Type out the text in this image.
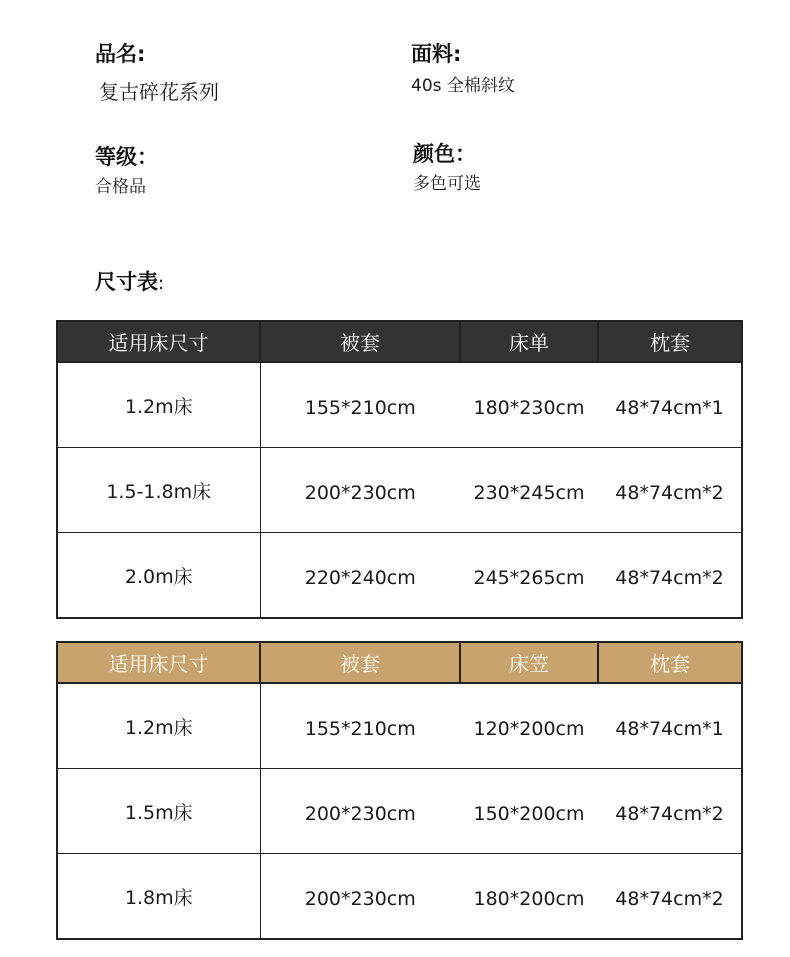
品名:
复古碎花系列
面料:
40s 全棉斜纹
等级：
合格品
颜色：
多色可选
尺寸表:
适用床尺寸	被套	床单	枕套
1.2m床	155*210cm	180*230cm	48*74cm*1
1.5-1.8m床	200*230cm	230*245cm	48*74cm*2
2.0m床	220*240cm	245*265cm	48*74cm*2
适用床尺寸	被套	床笠	枕套
1.2m床	155*210cm	120*200cm	48*74cm*1
1.5m床	200*230cm	150*200cm	48*74cm*2
1.8m床	200*230cm	180*200cm	48*74cm*2
